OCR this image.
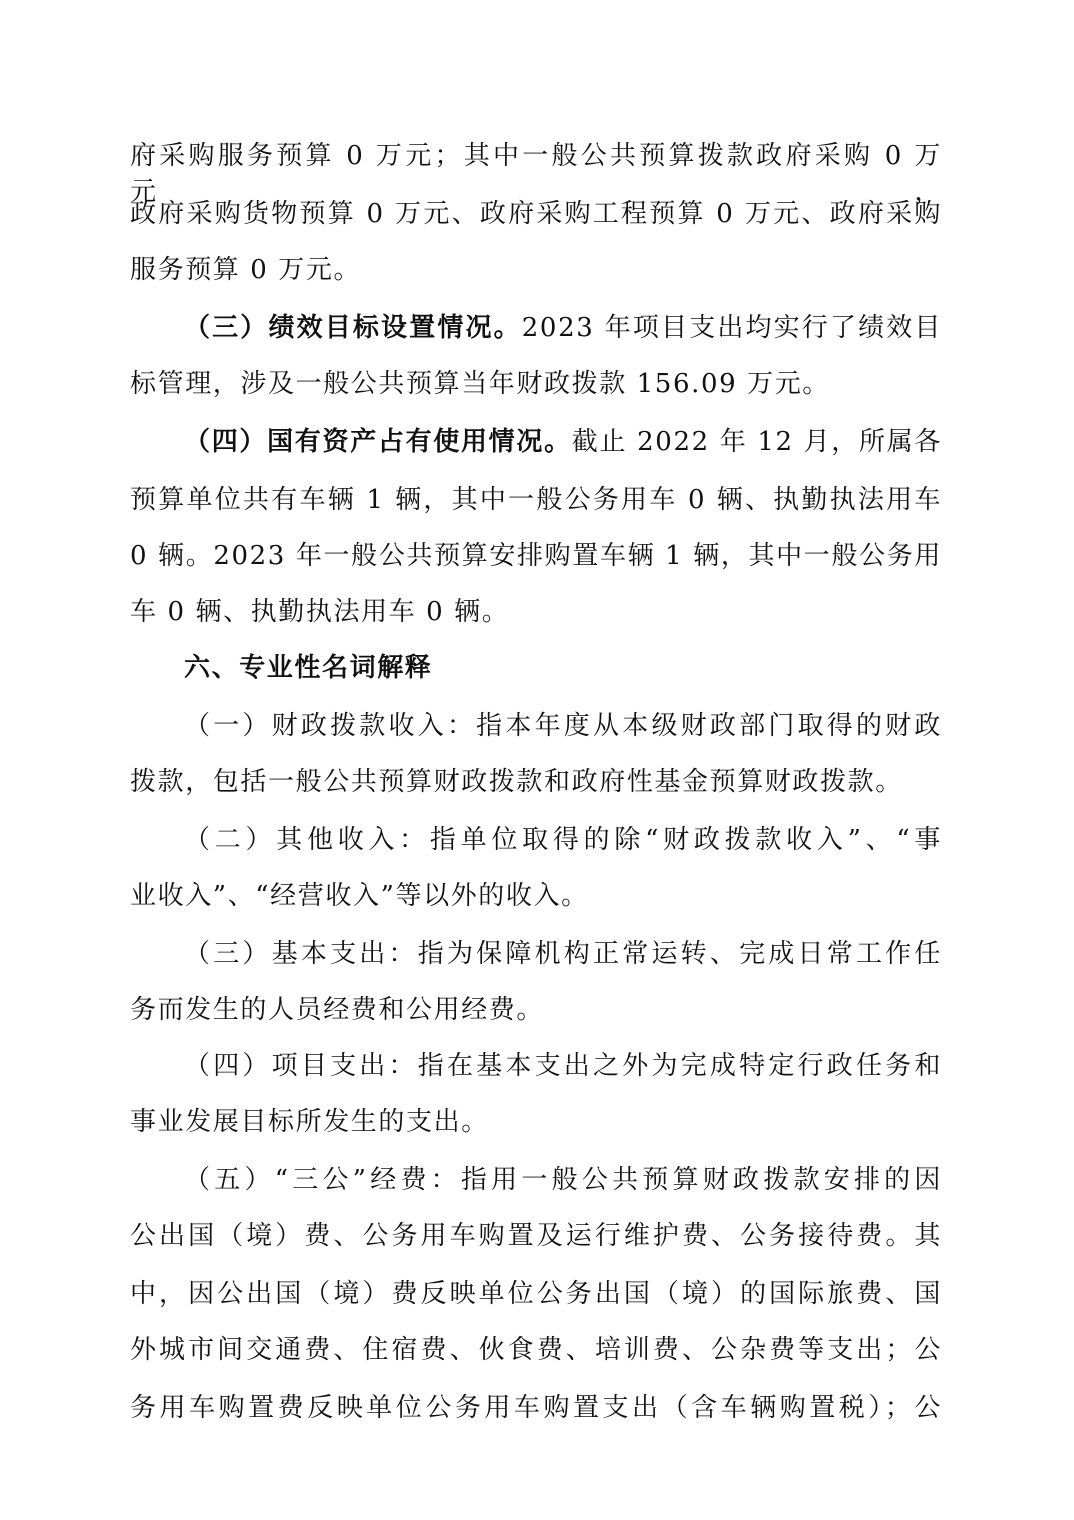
府采购服务预算 0 万元；其中一般公共预算拨款政府采购 0 万元，
政府采购货物预算 0 万元、政府采购工程预算 0 万元、政府采购
服务预算 0 万元。
（三）绩效目标设置情况。2023 年项目支出均实行了绩效目
标管理，涉及一般公共预算当年财政拨款 156.09 万元。
（四）国有资产占有使用情况。截止 2022 年 12 月，所属各
预算单位共有车辆 1 辆，其中一般公务用车 0 辆、执勤执法用车
0 辆。2023 年一般公共预算安排购置车辆 1 辆，其中一般公务用
车 0 辆、执勤执法用车 0 辆。
六、专业性名词解释
（一）财政拨款收入：指本年度从本级财政部门取得的财政
拨款，包括一般公共预算财政拨款和政府性基金预算财政拨款。
（二）其他收入：指单位取得的除“财政拨款收入”、“事
业收入”、“经营收入”等以外的收入。
（三）基本支出：指为保障机构正常运转、完成日常工作任
务而发生的人员经费和公用经费。
（四）项目支出：指在基本支出之外为完成特定行政任务和
事业发展目标所发生的支出。
（五）“三公”经费：指用一般公共预算财政拨款安排的因
公出国（境）费、公务用车购置及运行维护费、公务接待费。其
中，因公出国（境）费反映单位公务出国（境）的国际旅费、国
外城市间交通费、住宿费、伙食费、培训费、公杂费等支出；公
务用车购置费反映单位公务用车购置支出（含车辆购置税）；公
